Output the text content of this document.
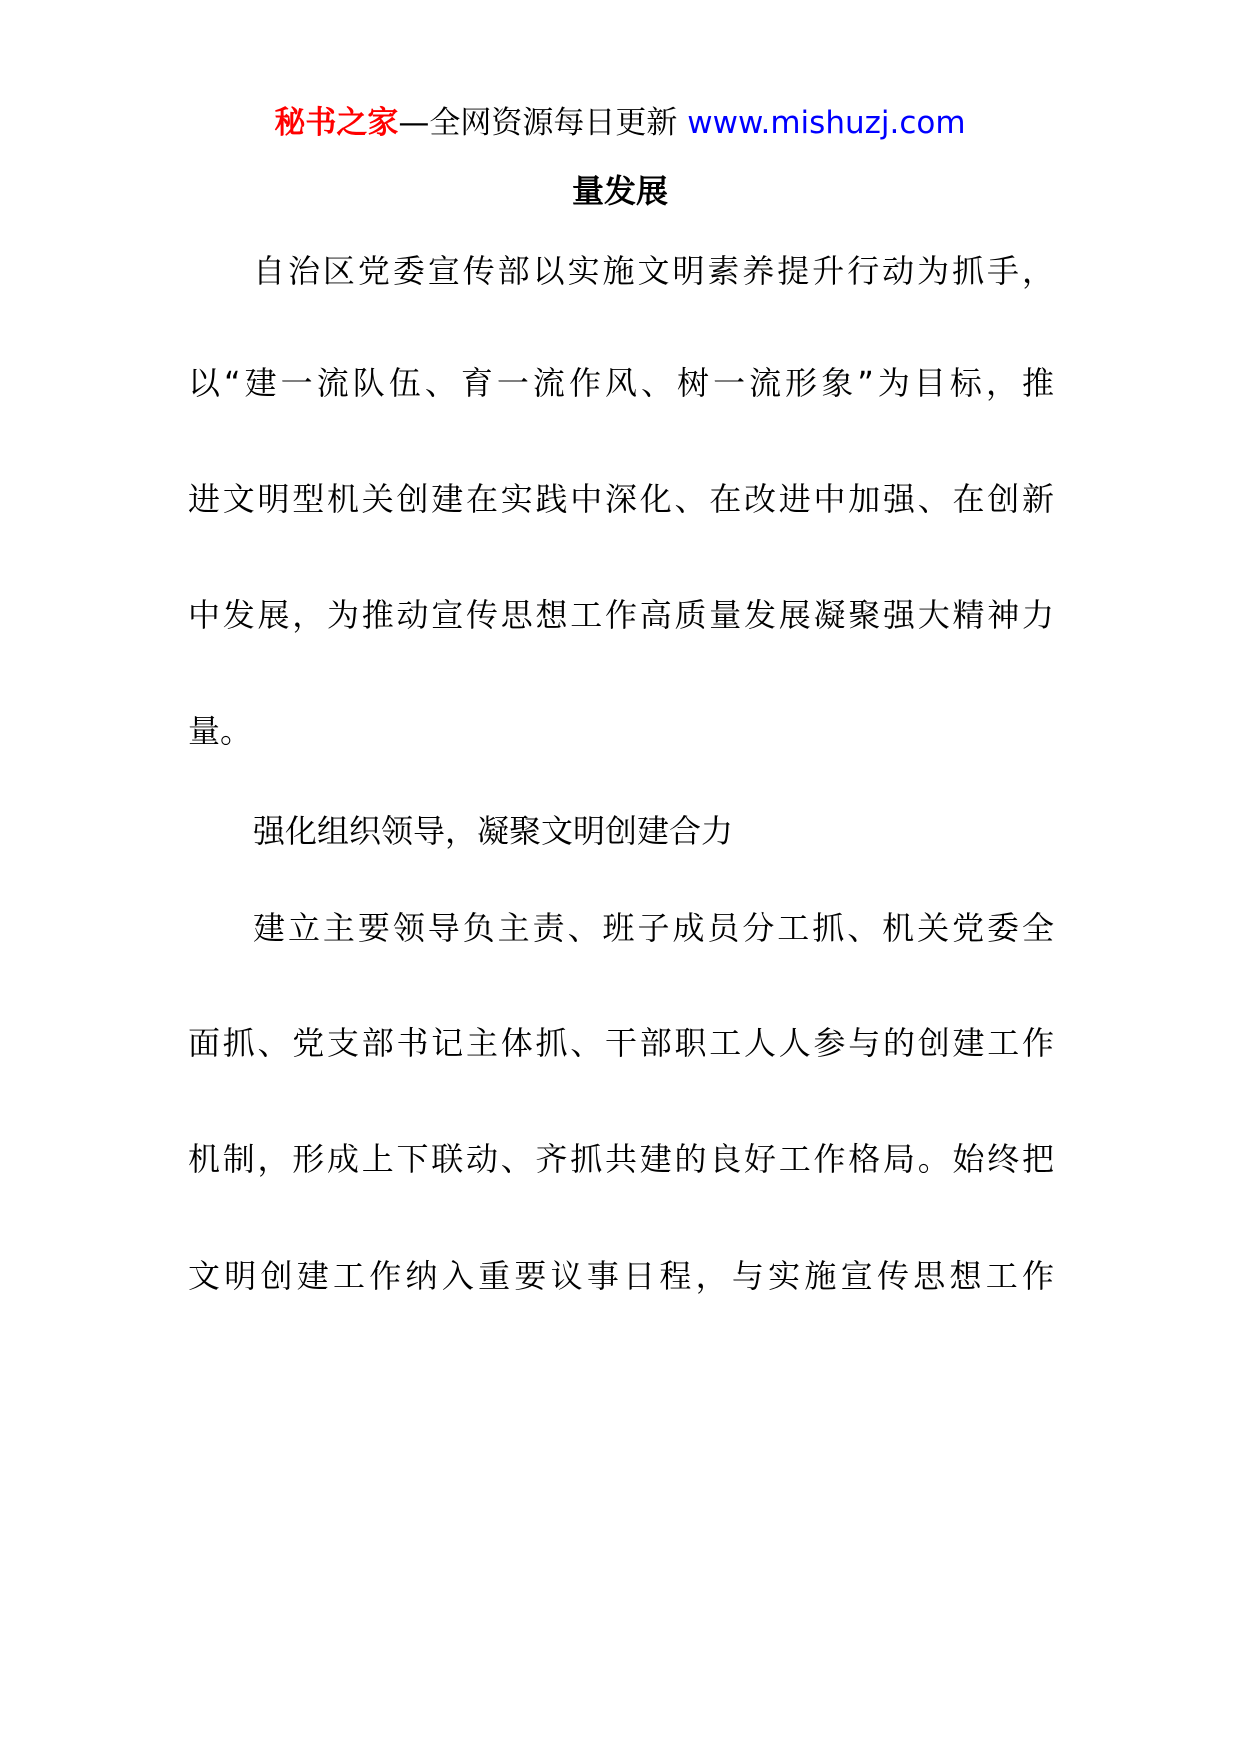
秘书之家—全网资源每日更新 www.mishuzj.com
量发展
自治区党委宣传部以实施文明素养提升行动为抓手，
以“建一流队伍、育一流作风、树一流形象”为目标，推
进文明型机关创建在实践中深化、在改进中加强、在创新
中发展，为推动宣传思想工作高质量发展凝聚强大精神力
量。
强化组织领导，凝聚文明创建合力
建立主要领导负主责、班子成员分工抓、机关党委全
面抓、党支部书记主体抓、干部职工人人参与的创建工作
机制，形成上下联动、齐抓共建的良好工作格局。始终把
文明创建工作纳入重要议事日程，与实施宣传思想工作
